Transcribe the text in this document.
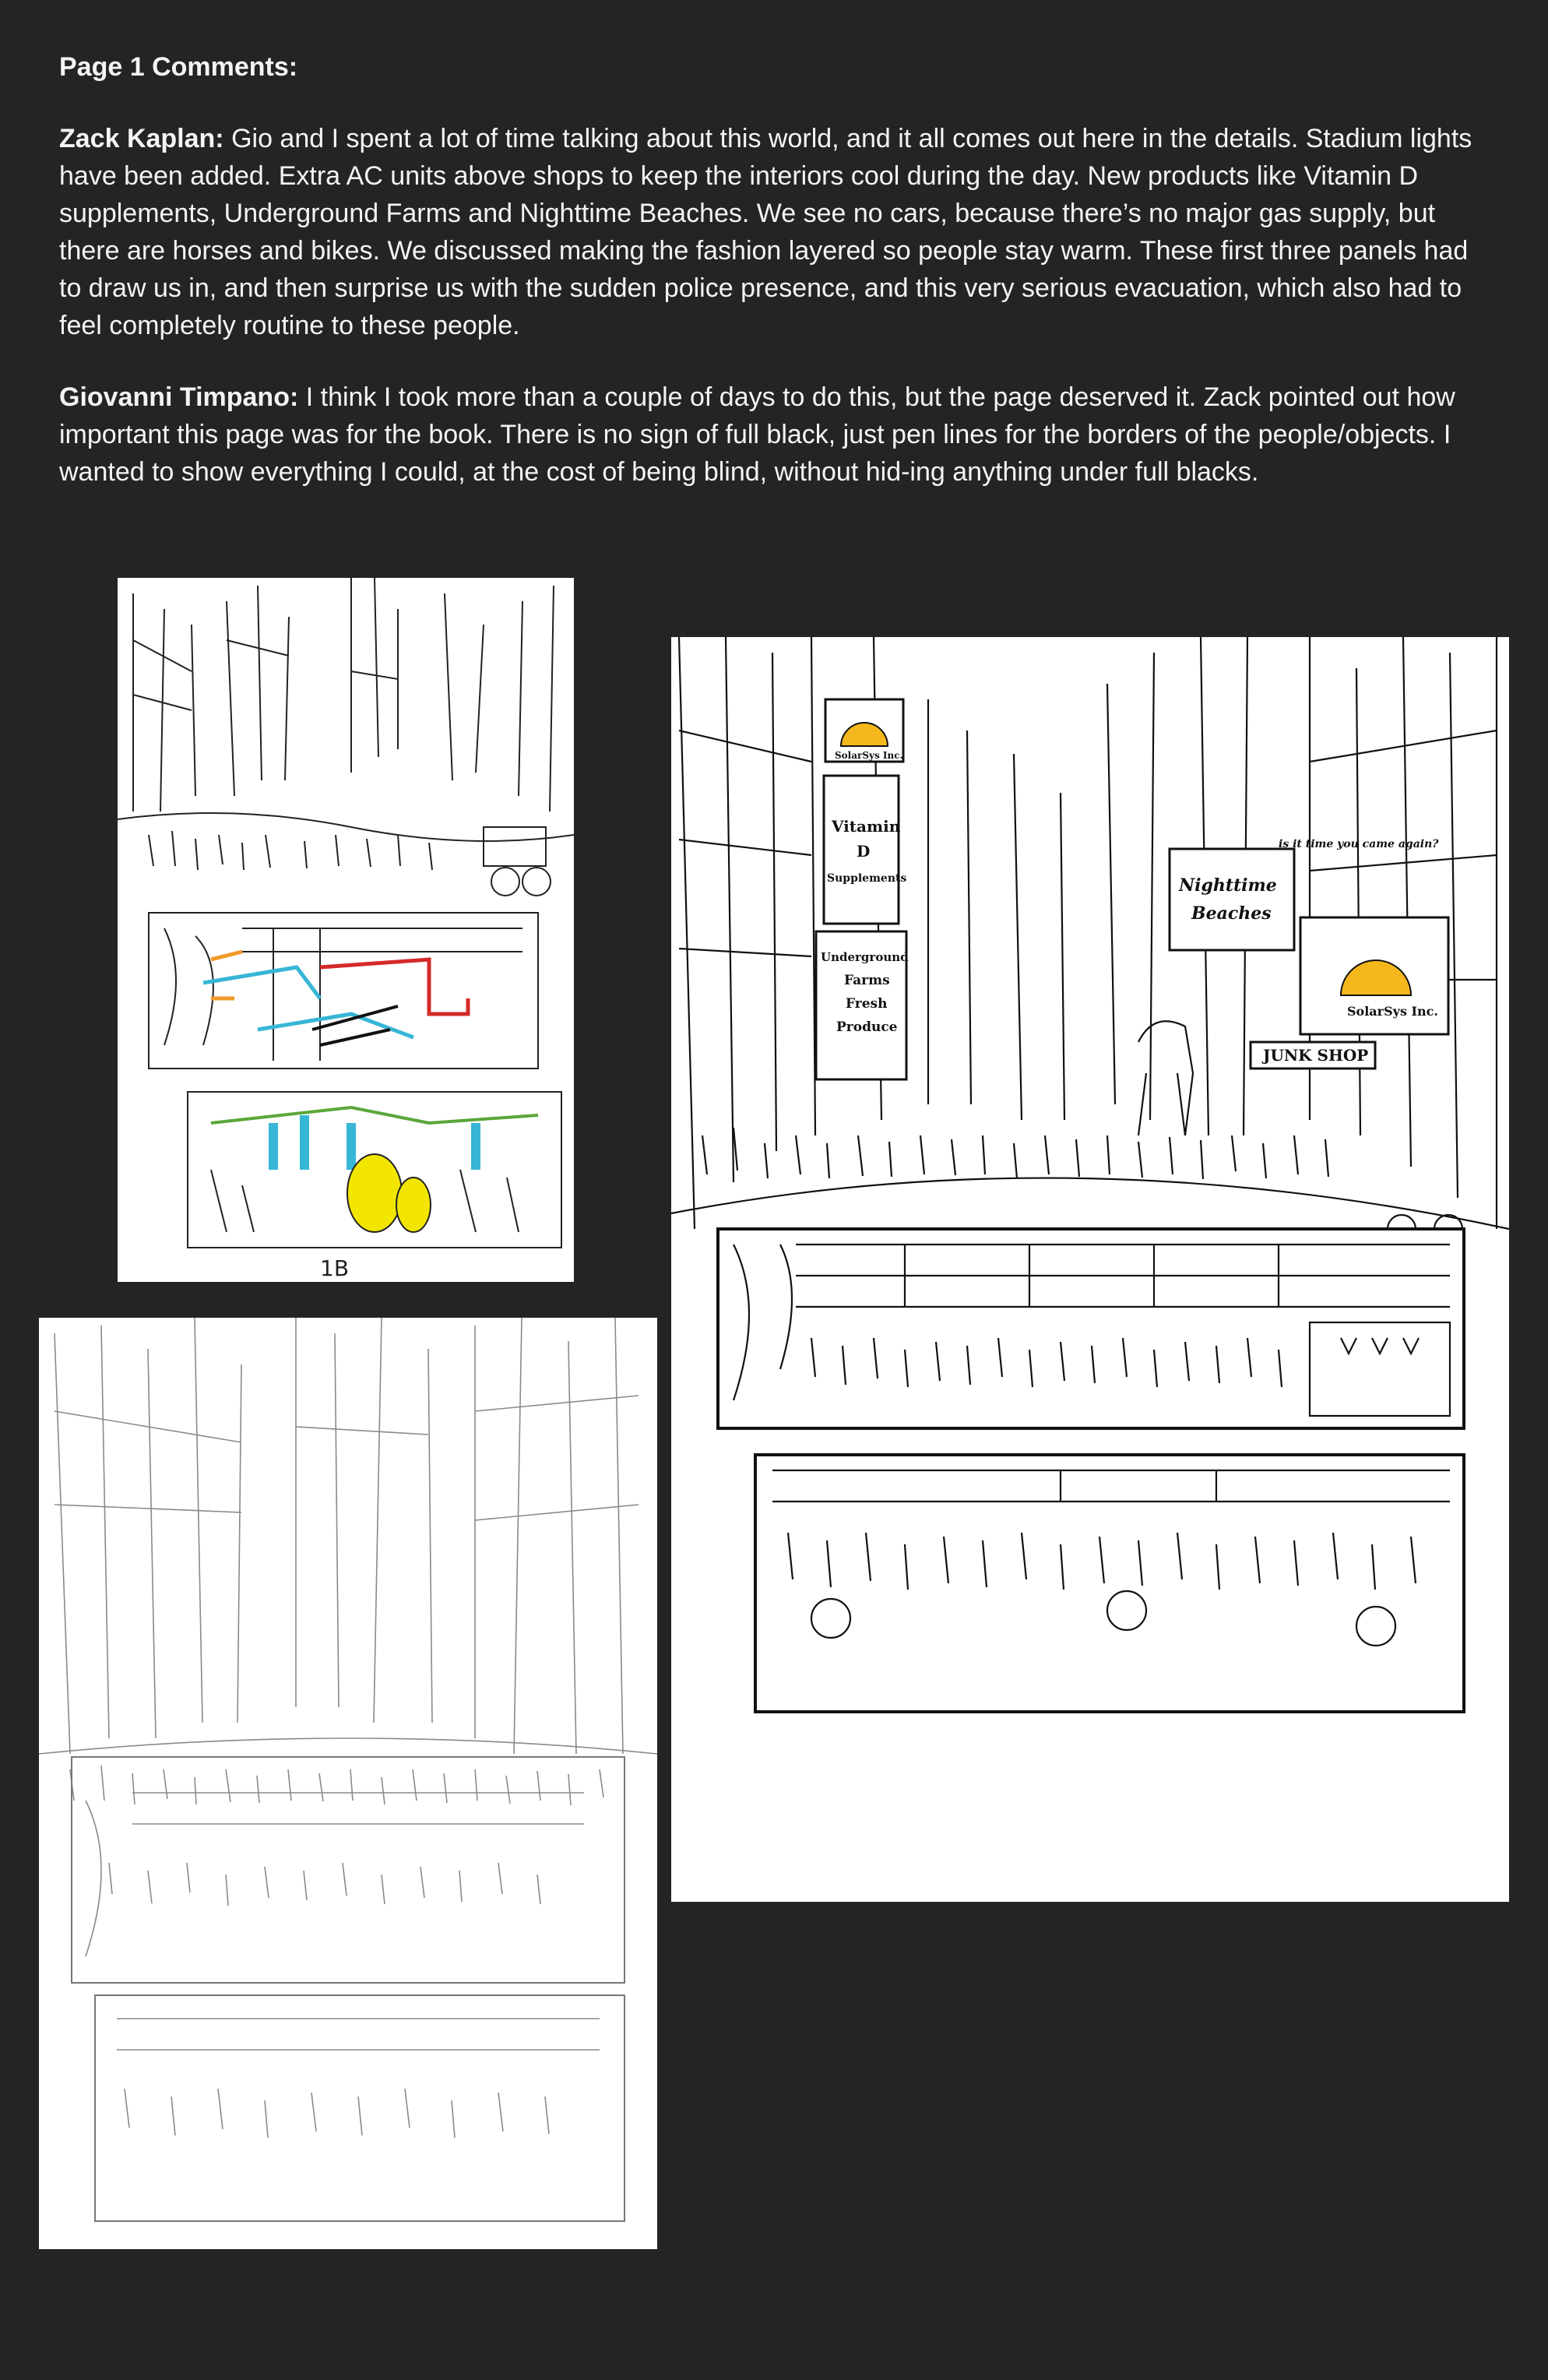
Page 1 Comments:

Zack Kaplan: Gio and I spent a lot of time talking about this world, and it all comes out here in the details. Stadium lights have been added. Extra AC units above shops to keep the interiors cool during the day. New products like Vitamin D supplements, Underground Farms and Nighttime Beaches. We see no cars, because there’s no major gas supply, but there are horses and bikes. We discussed making the fashion layered so people stay warm. These first three panels had to draw us in, and then surprise us with the sudden police presence, and this very serious evacuation, which also had to feel completely routine to these people.

Giovanni Timpano: I think I took more than a couple of days to do this, but the page deserved it. Zack pointed out how important this page was for the book. There is no sign of full black, just pen lines for the borders of the people/objects. I wanted to show everything I could, at the cost of being blind, without hid-ing anything under full blacks.

1B
SolarSys Inc.
Vitamin
D
Supplements
Underground
Farms
Fresh
Produce
Nighttime
Beaches
is it time you came again?
SolarSys Inc.
JUNK SHOP
